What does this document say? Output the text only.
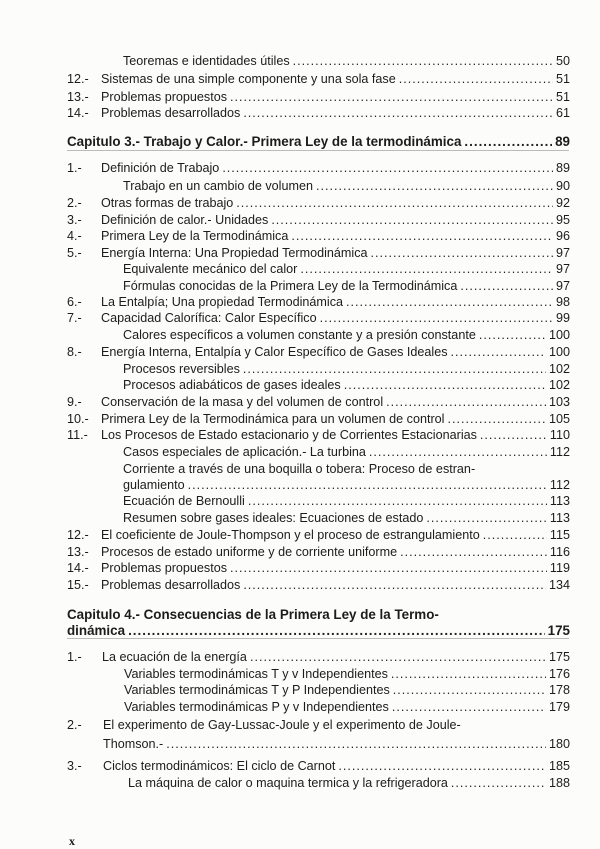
Teoremas e identidades útiles .....	50
12.- Sistemas de una simple componente y una sola fase .....	51
13.- Problemas propuestos .....	51
14.- Problemas desarrollados .....	61
Capitulo 3.- Trabajo y Calor.- Primera Ley de la termodinámica .....	89
1.- Definición de Trabajo .....	89
Trabajo en un cambio de volumen .....	90
2.- Otras formas de trabajo .....	92
3.- Definición de calor.- Unidades .....	95
4.- Primera Ley de la Termodinámica .....	96
5.- Energía Interna: Una Propiedad Termodinámica .....	97
Equivalente mecánico del calor .....	97
Fórmulas conocidas de la Primera Ley de la Termodinámica .....	97
6.- La Entalpía; Una propiedad Termodinámica .....	98
7.- Capacidad Calorífica: Calor Específico .....	99
Calores específicos a volumen constante y a presión constante .....	100
8.- Energía Interna, Entalpía y Calor Específico de Gases Ideales .....	100
Procesos reversibles .....	102
Procesos adiabáticos de gases ideales .....	102
9.- Conservación de la masa y del volumen de control .....	103
10.- Primera Ley de la Termodinámica para un volumen de control .....	105
11.- Los Procesos de Estado estacionario y de Corrientes Estacionarias .....	110
Casos especiales de aplicación.- La turbina .....	112
Corriente a través de una boquilla o tobera: Proceso de estran-
gulamiento .....	112
Ecuación de Bernoulli .....	113
Resumen sobre gases ideales: Ecuaciones de estado .....	113
12.- El coeficiente de Joule-Thompson y el proceso de estrangulamiento .....	115
13.- Procesos de estado uniforme y de corriente uniforme .....	116
14.- Problemas propuestos .....	119
15.- Problemas desarrollados .....	134
Capitulo 4.- Consecuencias de la Primera Ley de la Termo-
dinámica .....	175
1.- La ecuación de la energía .....	175
Variables termodinámicas T y v Independientes .....	176
Variables termodinámicas T y P Independientes .....	178
Variables termodinámicas P y v Independientes .....	179
2.- El experimento de Gay-Lussac-Joule y el experimento de Joule-
Thomson.- .....	180
3.- Ciclos termodinámicos: El ciclo de Carnot .....	185
La máquina de calor o maquina termica y la refrigeradora .....	188
x
